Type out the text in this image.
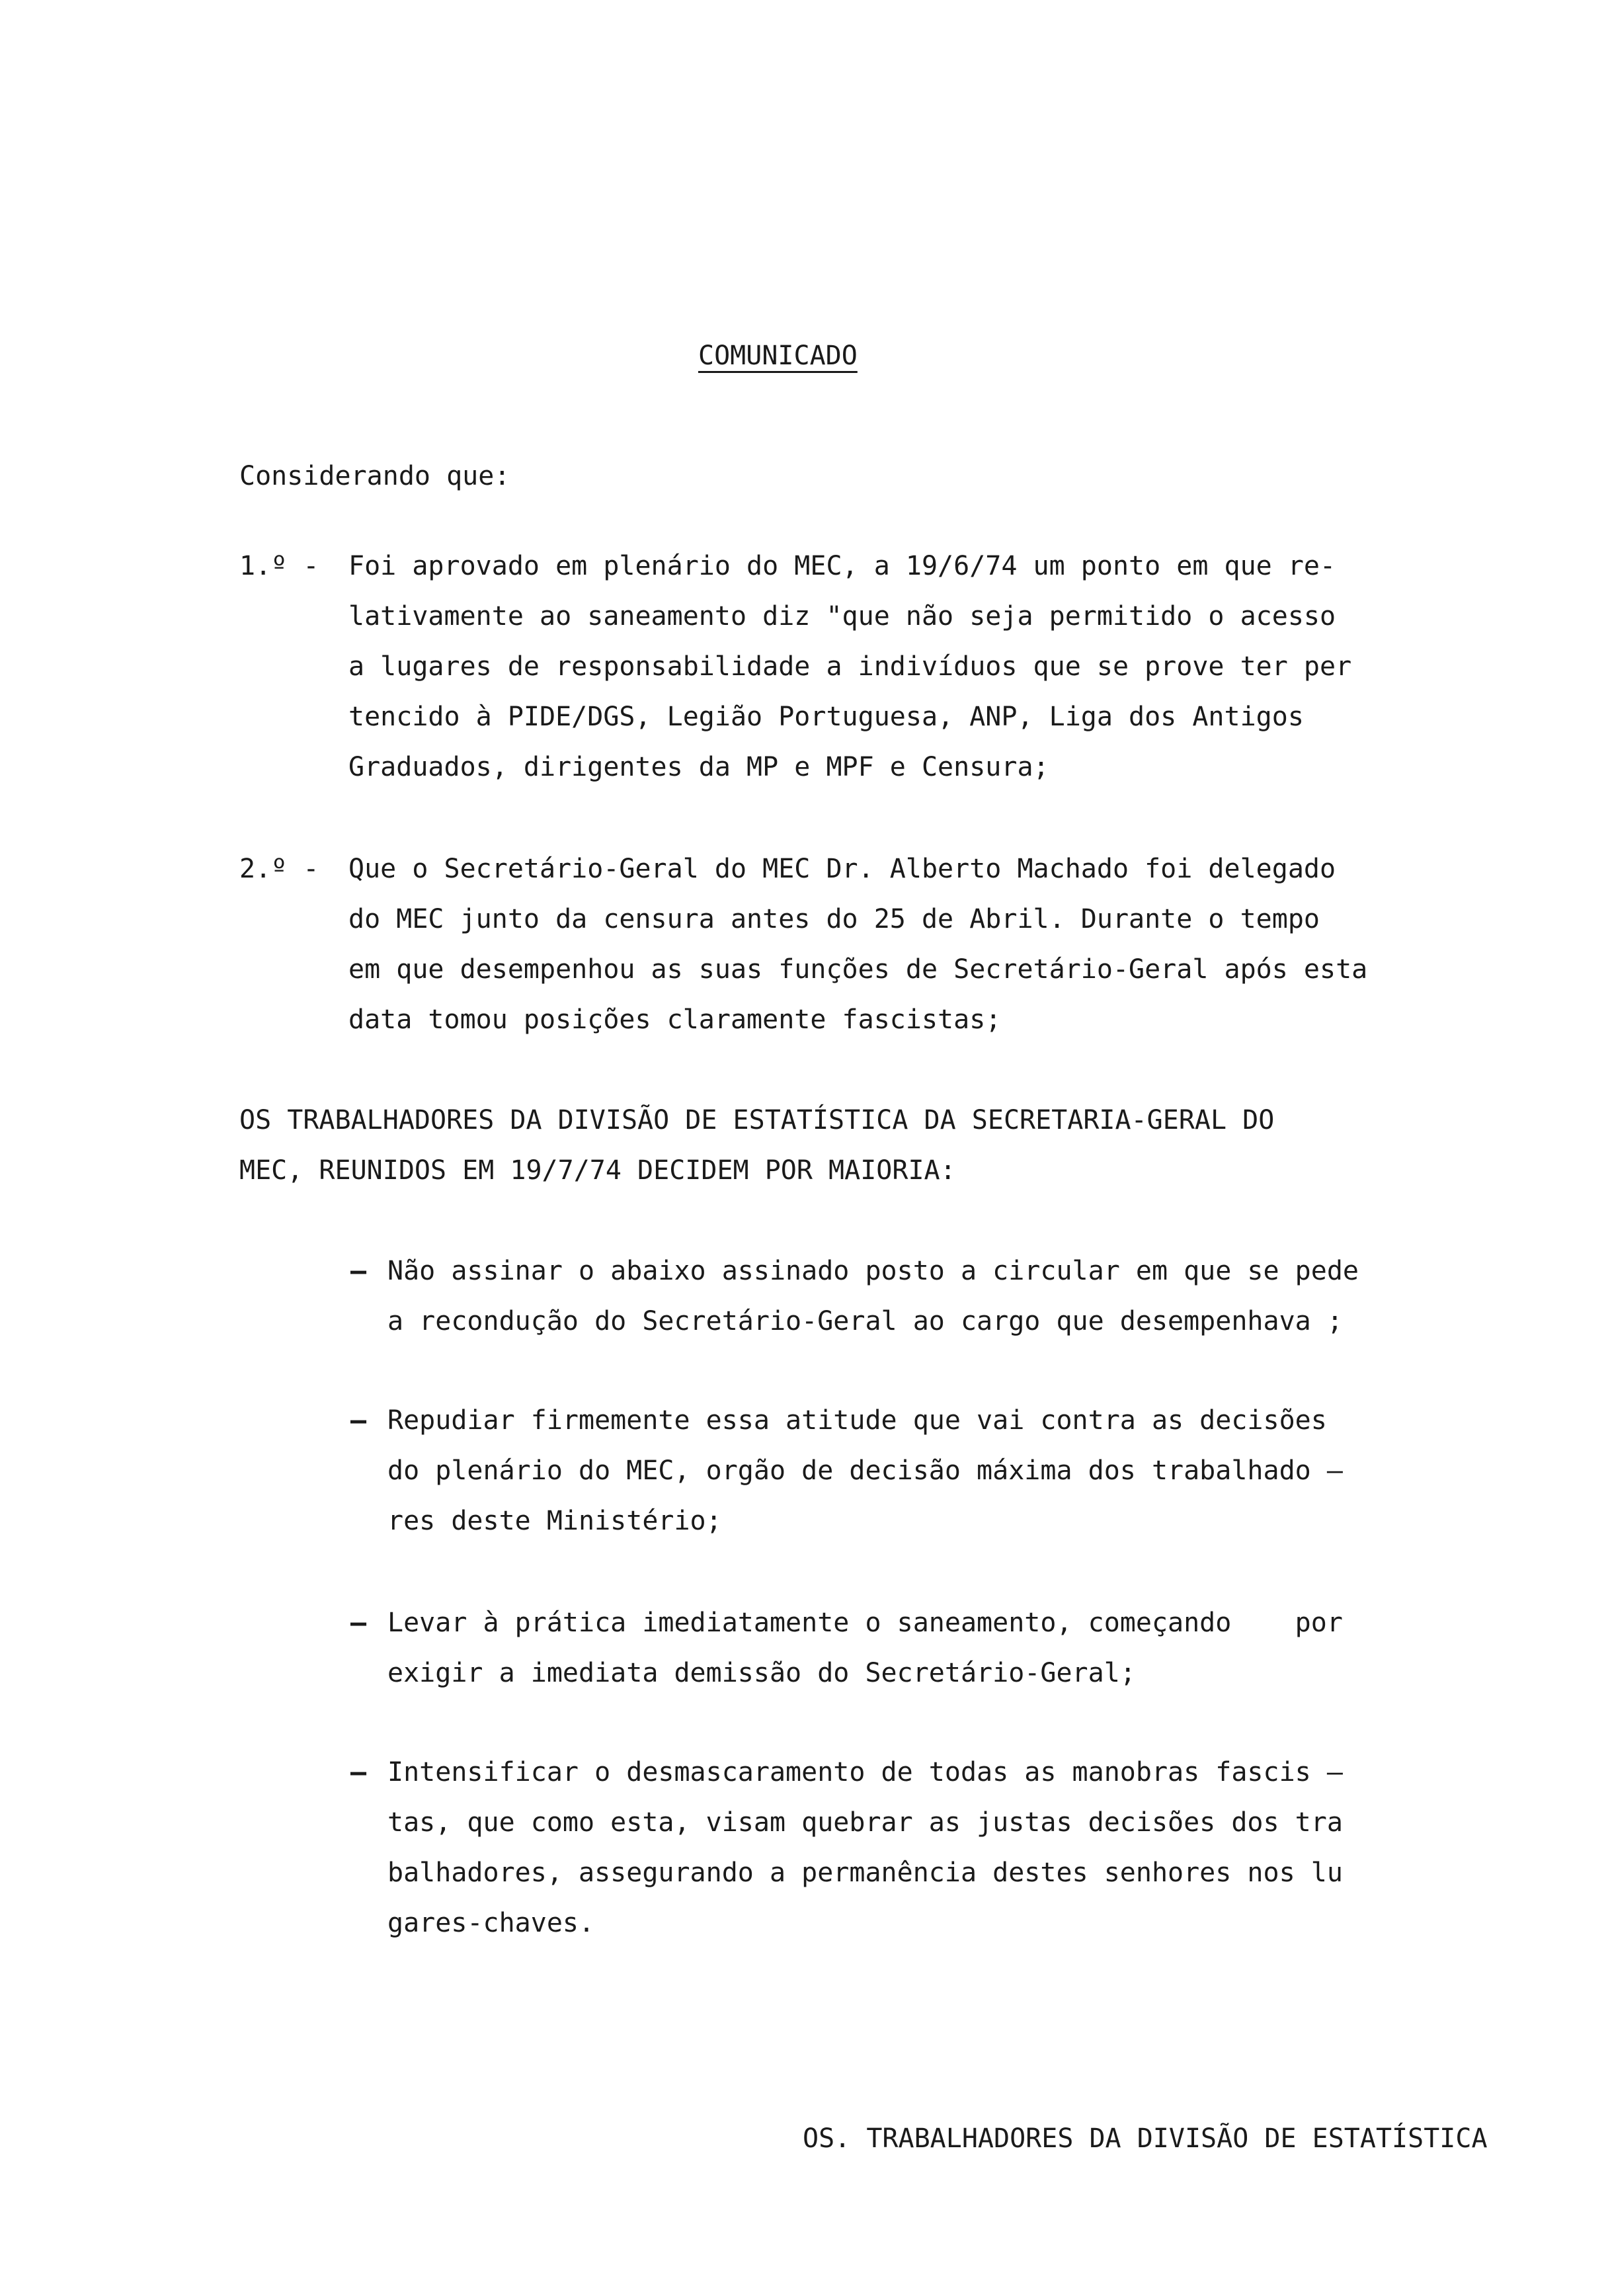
COMUNICADO
Considerando que:
1.º - Foi aprovado em plenário do MEC, a 19/6/74 um ponto em que re-
lativamente ao saneamento diz "que não seja permitido o acesso
a lugares de responsabilidade a indivíduos que se prove ter per
tencido à PIDE/DGS, Legião Portuguesa, ANP, Liga dos Antigos
Graduados, dirigentes da MP e MPF e Censura;
2.º - Que o Secretário-Geral do MEC Dr. Alberto Machado foi delegado
do MEC junto da censura antes do 25 de Abril. Durante o tempo
em que desempenhou as suas funções de Secretário-Geral após esta
data tomou posições claramente fascistas;
OS TRABALHADORES DA DIVISÃO DE ESTATÍSTICA DA SECRETARIA-GERAL DO
MEC, REUNIDOS EM 19/7/74 DECIDEM POR MAIORIA:
— Não assinar o abaixo assinado posto a circular em que se pede
a recondução do Secretário-Geral ao cargo que desempenhava ;
— Repudiar firmemente essa atitude que vai contra as decisões
do plenário do MEC, orgão de decisão máxima dos trabalhado —
res deste Ministério;
— Levar à prática imediatamente o saneamento, começando    por
exigir a imediata demissão do Secretário-Geral;
— Intensificar o desmascaramento de todas as manobras fascis —
tas, que como esta, visam quebrar as justas decisões dos tra
balhadores, assegurando a permanência destes senhores nos lu
gares-chaves.
OS. TRABALHADORES DA DIVISÃO DE ESTATÍSTICA
